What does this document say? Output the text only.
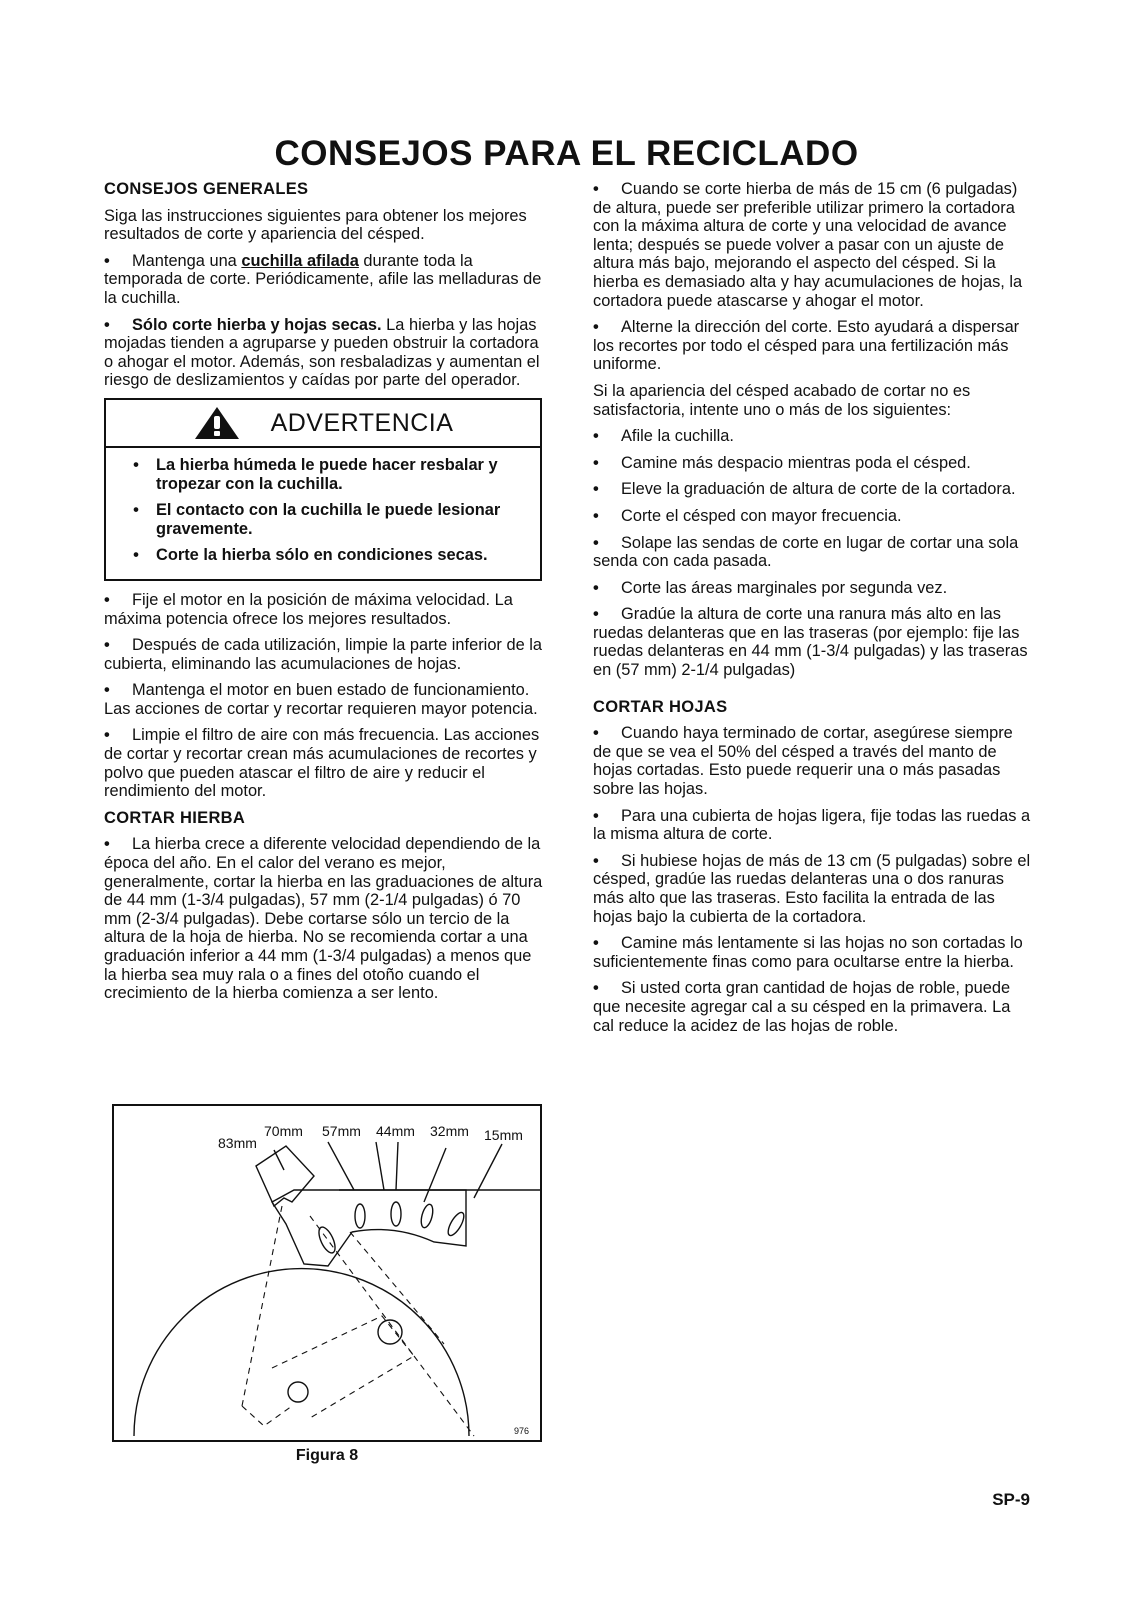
CONSEJOS PARA EL RECICLADO
CONSEJOS GENERALES

Siga las instrucciones siguientes para obtener los mejores resultados de corte y apariencia del césped.

• Mantenga una cuchilla afilada durante toda la temporada de corte. Periódicamente, afile las melladuras de la cuchilla.

• Sólo corte hierba y hojas secas. La hierba y las hojas mojadas tienden a agruparse y pueden obstruir la cortadora o ahogar el motor. Además, son resbaladizas y aumentan el riesgo de deslizamientos y caídas por parte del operador.

ADVERTENCIA
•	La hierba húmeda le puede hacer resbalar y tropezar con la cuchilla.
•	El contacto con la cuchilla le puede lesionar gravemente.
•	Corte la hierba sólo en condiciones secas.

• Fije el motor en la posición de máxima velocidad. La máxima potencia ofrece los mejores resultados.

• Después de cada utilización, limpie la parte inferior de la cubierta, eliminando las acumulaciones de hojas.

• Mantenga el motor en buen estado de funcionamiento. Las acciones de cortar y recortar requieren mayor potencia.

• Limpie el filtro de aire con más frecuencia. Las acciones de cortar y recortar crean más acumulaciones de recortes y polvo que pueden atascar el filtro de aire y reducir el rendimiento del motor.

CORTAR HIERBA

• La hierba crece a diferente velocidad dependiendo de la época del año. En el calor del verano es mejor, generalmente, cortar la hierba en las graduaciones de altura de 44 mm (1-3/4 pulgadas), 57 mm (2-1/4 pulgadas) ó 70 mm (2-3/4 pulgadas). Debe cortarse sólo un tercio de la altura de la hoja de hierba. No se recomienda cortar a una graduación inferior a 44 mm (1-3/4 pulgadas) a menos que la hierba sea muy rala o a fines del otoño cuando el crecimiento de la hierba comienza a ser lento.

• Cuando se corte hierba de más de 15 cm (6 pulgadas) de altura, puede ser preferible utilizar primero la cortadora con la máxima altura de corte y una velocidad de avance lenta; después se puede volver a pasar con un ajuste de altura más bajo, mejorando el aspecto del césped. Si la hierba es demasiado alta y hay acumulaciones de hojas, la cortadora puede atascarse y ahogar el motor.

• Alterne la dirección del corte. Esto ayudará a dispersar los recortes por todo el césped para una fertilización más uniforme.

Si la apariencia del césped acabado de cortar no es satisfactoria, intente uno o más de los siguientes:

• Afile la cuchilla.

• Camine más despacio mientras poda el césped.

• Eleve la graduación de altura de corte de la cortadora.

• Corte el césped con mayor frecuencia.

• Solape las sendas de corte en lugar de cortar una sola senda con cada pasada.

• Corte las áreas marginales por segunda vez.

• Gradúe la altura de corte una ranura más alto en las ruedas delanteras que en las traseras (por ejemplo: fije las ruedas delanteras en 44 mm (1-3/4 pulgadas) y las traseras en (57 mm) 2-1/4 pulgadas)

CORTAR HOJAS

• Cuando haya terminado de cortar, asegúrese siempre de que se vea el 50% del césped a través del manto de hojas cortadas. Esto puede requerir una o más pasadas sobre las hojas.

• Para una cubierta de hojas ligera, fije todas las ruedas a la misma altura de corte.

• Si hubiese hojas de más de 13 cm (5 pulgadas) sobre el césped, gradúe las ruedas delanteras una o dos ranuras más alto que las traseras. Esto facilita la entrada de las hojas bajo la cubierta de la cortadora.

• Camine más lentamente si las hojas no son cortadas lo suficientemente finas como para ocultarse entre la hierba.

• Si usted corta gran cantidad de hojas de roble, puede que necesite agregar cal a su césped en la primavera. La cal reduce la acidez de las hojas de roble.

83mm
70mm 57mm 44mm 32mm 15mm
976
Figura 8
SP-9
